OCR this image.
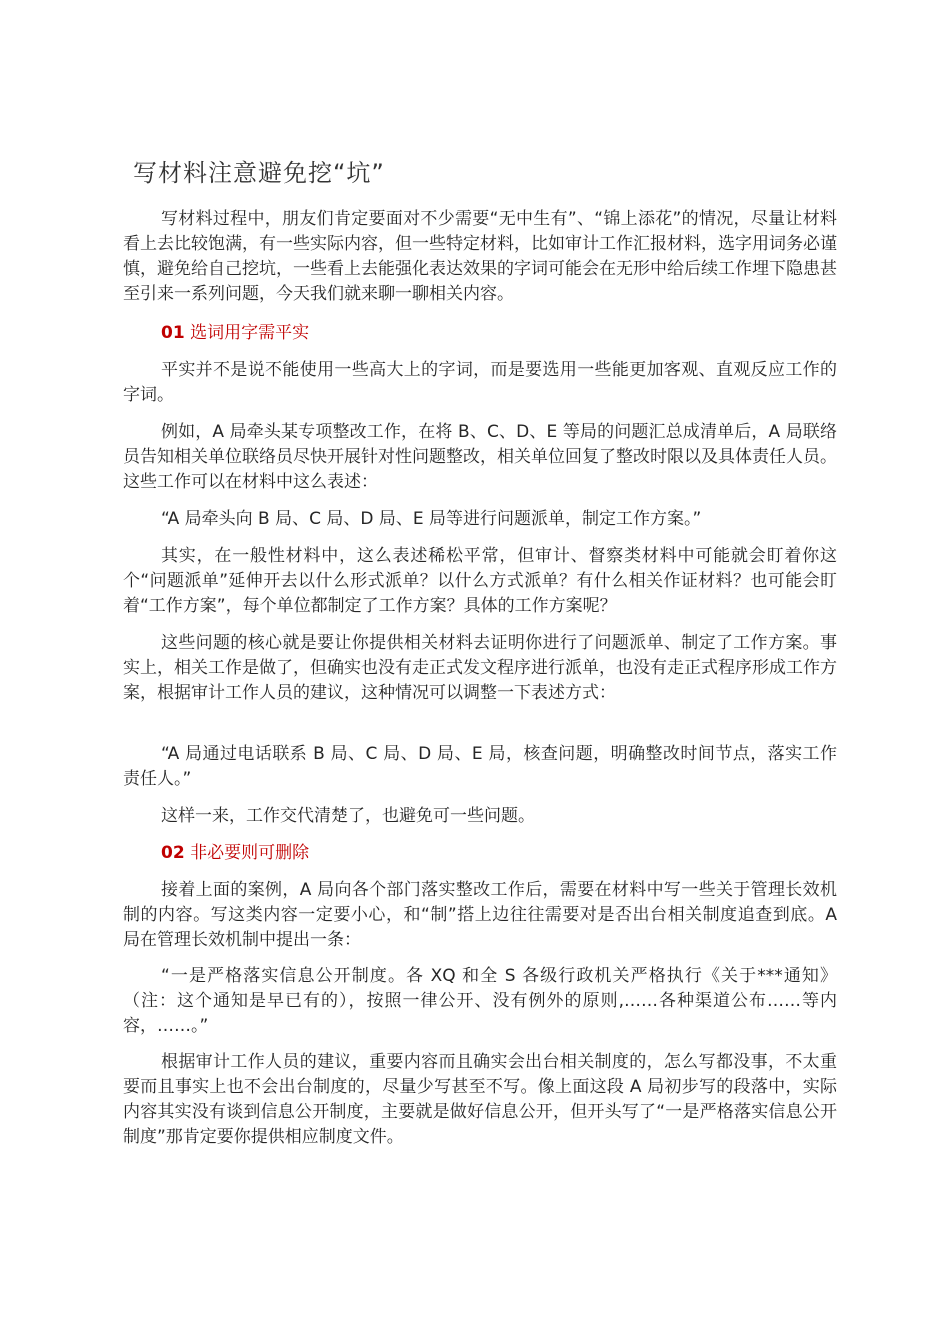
写材料注意避免挖“坑”

写材料过程中，朋友们肯定要面对不少需要“无中生有”、“锦上添花”的情况，尽量让材料看上去比较饱满，有一些实际内容，但一些特定材料，比如审计工作汇报材料，选字用词务必谨慎，避免给自己挖坑，一些看上去能强化表达效果的字词可能会在无形中给后续工作埋下隐患甚至引来一系列问题，今天我们就来聊一聊相关内容。

01 选词用字需平实

平实并不是说不能使用一些高大上的字词，而是要选用一些能更加客观、直观反应工作的字词。

例如，A 局牵头某专项整改工作，在将 B、C、D、E 等局的问题汇总成清单后，A 局联络员告知相关单位联络员尽快开展针对性问题整改，相关单位回复了整改时限以及具体责任人员。这些工作可以在材料中这么表述：

“A 局牵头向 B 局、C 局、D 局、E 局等进行问题派单，制定工作方案。”

其实，在一般性材料中，这么表述稀松平常，但审计、督察类材料中可能就会盯着你这个“问题派单”延伸开去以什么形式派单？以什么方式派单？有什么相关作证材料？也可能会盯着“工作方案”，每个单位都制定了工作方案？具体的工作方案呢？

这些问题的核心就是要让你提供相关材料去证明你进行了问题派单、制定了工作方案。事实上，相关工作是做了，但确实也没有走正式发文程序进行派单，也没有走正式程序形成工作方案，根据审计工作人员的建议，这种情况可以调整一下表述方式：

“A 局通过电话联系 B 局、C 局、D 局、E 局，核查问题，明确整改时间节点，落实工作责任人。”

这样一来，工作交代清楚了，也避免可一些问题。

02 非必要则可删除

接着上面的案例，A 局向各个部门落实整改工作后，需要在材料中写一些关于管理长效机制的内容。写这类内容一定要小心，和“制”搭上边往往需要对是否出台相关制度追查到底。A 局在管理长效机制中提出一条：

“一是严格落实信息公开制度。各 XQ 和全 S 各级行政机关严格执行《关于***通知》（注：这个通知是早已有的），按照一律公开、没有例外的原则,……各种渠道公布……等内容，……。”

根据审计工作人员的建议，重要内容而且确实会出台相关制度的，怎么写都没事，不太重要而且事实上也不会出台制度的，尽量少写甚至不写。像上面这段 A 局初步写的段落中，实际内容其实没有谈到信息公开制度，主要就是做好信息公开，但开头写了“一是严格落实信息公开制度”那肯定要你提供相应制度文件。
